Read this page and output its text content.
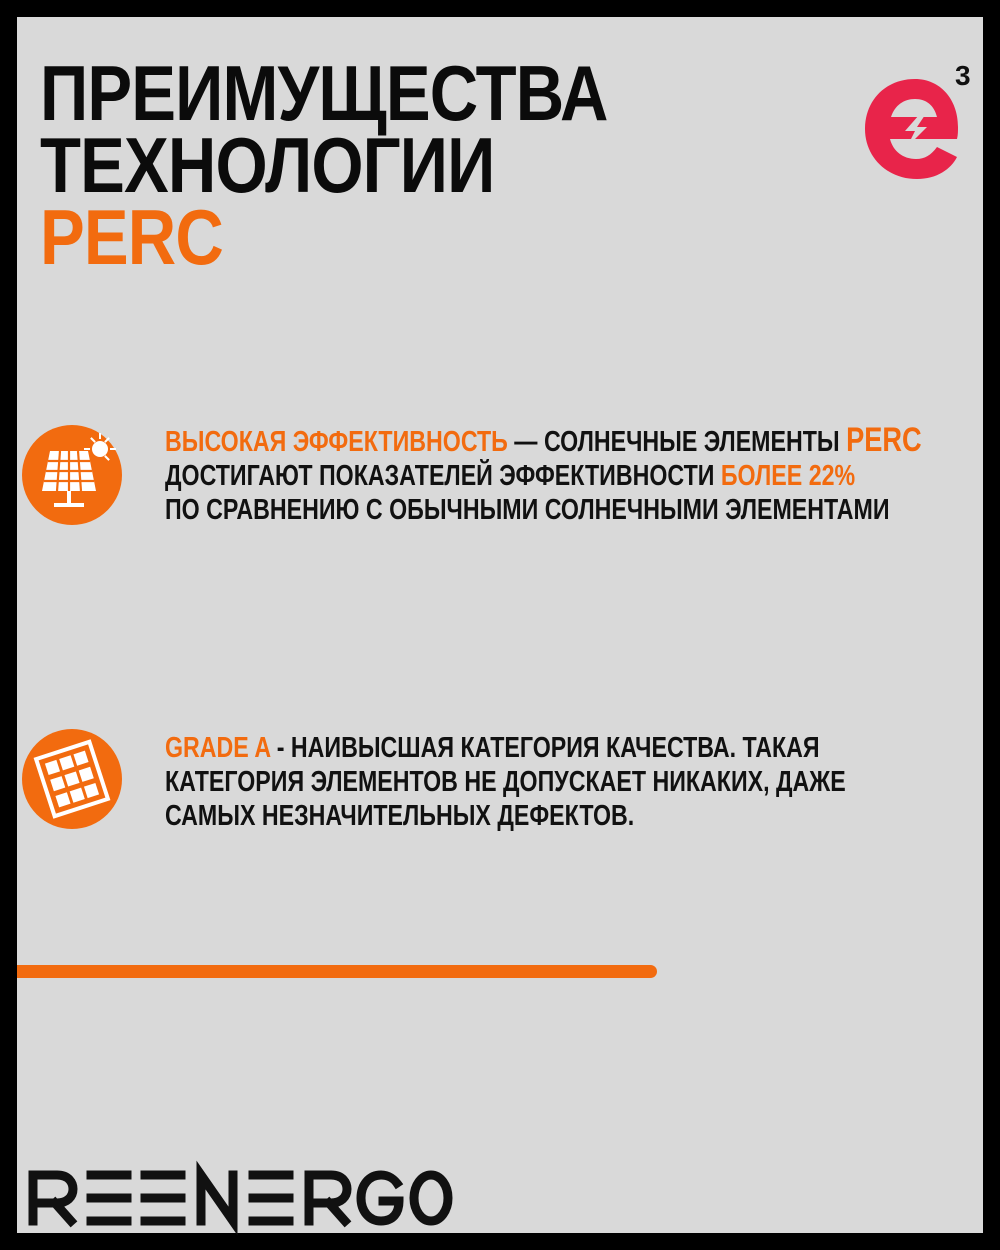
ПРЕИМУЩЕСТВА
ТЕХНОЛОГИИ
PERC
3
ВЫСОКАЯ ЭФФЕКТИВНОСТЬ — СОЛНЕЧНЫЕ ЭЛЕМЕНТЫ PERC
ДОСТИГАЮТ ПОКАЗАТЕЛЕЙ ЭФФЕКТИВНОСТИ БОЛЕЕ 22%
ПО СРАВНЕНИЮ С ОБЫЧНЫМИ СОЛНЕЧНЫМИ ЭЛЕМЕНТАМИ
GRADE A - НАИВЫСШАЯ КАТЕГОРИЯ КАЧЕСТВА. ТАКАЯ
КАТЕГОРИЯ ЭЛЕМЕНТОВ НЕ ДОПУСКАЕТ НИКАКИХ, ДАЖЕ
САМЫХ НЕЗНАЧИТЕЛЬНЫХ ДЕФЕКТОВ.
REENERGO
